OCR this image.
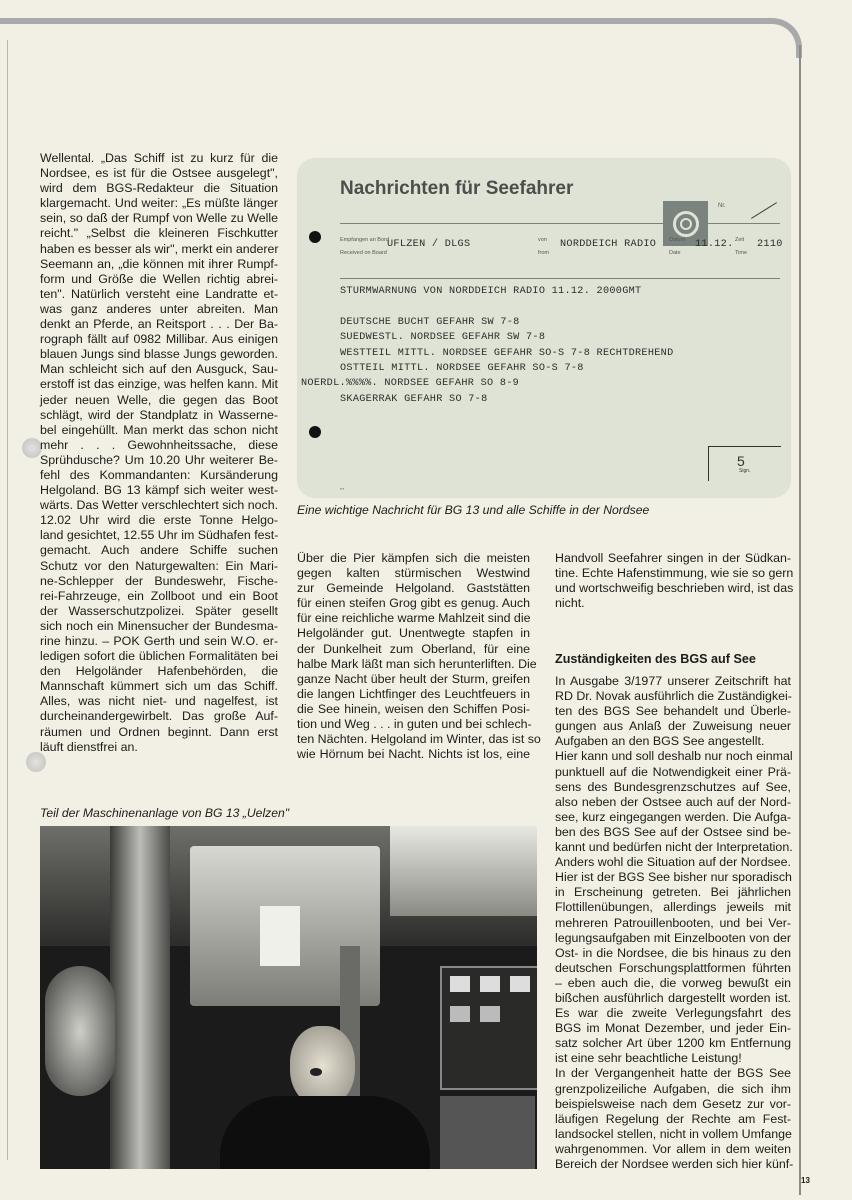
Wellental. „Das Schiff ist zu kurz für die
Nordsee, es ist für die Ostsee ausgelegt",
wird dem BGS-Redakteur die Situation
klargemacht. Und weiter: „Es müßte länger
sein, so daß der Rumpf von Welle zu Welle
reicht." „Selbst die kleineren Fischkutter
haben es besser als wir", merkt ein anderer
Seemann an, „die können mit ihrer Rumpf-
form und Größe die Wellen richtig abrei-
ten". Natürlich versteht eine Landratte et-
was ganz anderes unter abreiten. Man
denkt an Pferde, an Reitsport . . . Der Ba-
rograph fällt auf 0982 Millibar. Aus einigen
blauen Jungs sind blasse Jungs geworden.
Man schleicht sich auf den Ausguck, Sau-
erstoff ist das einzige, was helfen kann. Mit
jeder neuen Welle, die gegen das Boot
schlägt, wird der Standplatz in Wasserne-
bel eingehüllt. Man merkt das schon nicht
mehr . . . Gewohnheitssache, diese
Sprühdusche? Um 10.20 Uhr weiterer Be-
fehl des Kommandanten: Kursänderung
Helgoland. BG 13 kämpf sich weiter west-
wärts. Das Wetter verschlechtert sich noch.
12.02 Uhr wird die erste Tonne Helgo-
land gesichtet, 12.55 Uhr im Südhafen fest-
gemacht. Auch andere Schiffe suchen
Schutz vor den Naturgewalten: Ein Mari-
ne-Schlepper der Bundeswehr, Fische-
rei-Fahrzeuge, ein Zollboot und ein Boot
der Wasserschutzpolizei. Später gesellt
sich noch ein Minensucher der Bundesma-
rine hinzu. – POK Gerth und sein W.O. er-
ledigen sofort die üblichen Formalitäten bei
den Helgoländer Hafenbehörden, die
Mannschaft kümmert sich um das Schiff.
Alles, was nicht niet- und nagelfest, ist
durcheinandergewirbelt. Das große Auf-
räumen und Ordnen beginnt. Dann erst
läuft dienstfrei an.
Nachrichten für Seefahrer
Nr.
Empfangen an Bord
Received on Board
UFLZEN / DLGS	von
from
NORDDEICH RADIO Datum
Date
11.12. Zeit
Time
2110
STURMWARNUNG VON NORDDEICH RADIO 11.12. 2000GMT
DEUTSCHE BUCHT GEFAHR SW 7-8
SUEDWESTL. NORDSEE GEFAHR SW 7-8
WESTTEIL MITTL. NORDSEE GEFAHR SO-S 7-8 RECHTDREHEND
OSTTEIL MITTL. NORDSEE GEFAHR SO-S 7-8
NOERDL.%%%%. NORDSEE GEFAHR SO 8-9
SKAGERRAK GEFAHR SO 7-8
5
Sign.
▪▪▪
Eine wichtige Nachricht für BG 13 und alle Schiffe in der Nordsee
Über die Pier kämpfen sich die meisten
gegen kalten stürmischen Westwind
zur Gemeinde Helgoland. Gaststätten
für einen steifen Grog gibt es genug. Auch
für eine reichliche warme Mahlzeit sind die
Helgoländer gut. Unentwegte stapfen in
der Dunkelheit zum Oberland, für eine
halbe Mark läßt man sich herunterliften. Die
ganze Nacht über heult der Sturm, greifen
die langen Lichtfinger des Leuchtfeuers in
die See hinein, weisen den Schiffen Posi-
tion und Weg . . . in guten und bei schlech-
ten Nächten. Helgoland im Winter, das ist so
wie Hörnum bei Nacht. Nichts ist los, eine
Handvoll Seefahrer singen in der Südkan-
tine. Echte Hafenstimmung, wie sie so gern
und wortschweifig beschrieben wird, ist das
nicht.
Zuständigkeiten des BGS auf See
In Ausgabe 3/1977 unserer Zeitschrift hat
RD Dr. Novak ausführlich die Zuständigkei-
ten des BGS See behandelt und Überle-
gungen aus Anlaß der Zuweisung neuer
Aufgaben an den BGS See angestellt.
Hier kann und soll deshalb nur noch einmal
punktuell auf die Notwendigkeit einer Prä-
sens des Bundesgrenzschutzes auf See,
also neben der Ostsee auch auf der Nord-
see, kurz eingegangen werden. Die Aufga-
ben des BGS See auf der Ostsee sind be-
kannt und bedürfen nicht der Interpretation.
Anders wohl die Situation auf der Nordsee.
Hier ist der BGS See bisher nur sporadisch
in Erscheinung getreten. Bei jährlichen
Flottillenübungen, allerdings jeweils mit
mehreren Patrouillenbooten, und bei Ver-
legungsaufgaben mit Einzelbooten von der
Ost- in die Nordsee, die bis hinaus zu den
deutschen Forschungsplattformen führten
– eben auch die, die vorweg bewußt ein
bißchen ausführlich dargestellt worden ist.
Es war die zweite Verlegungsfahrt des
BGS im Monat Dezember, und jeder Ein-
satz solcher Art über 1200 km Entfernung
ist eine sehr beachtliche Leistung!
In der Vergangenheit hatte der BGS See
grenzpolizeiliche Aufgaben, die sich ihm
beispielsweise nach dem Gesetz zur vor-
läufigen Regelung der Rechte am Fest-
landsockel stellen, nicht in vollem Umfange
wahrgenommen. Vor allem in dem weiten
Bereich der Nordsee werden sich hier künf-
Teil der Maschinenanlage von BG 13 „Uelzen"
13
